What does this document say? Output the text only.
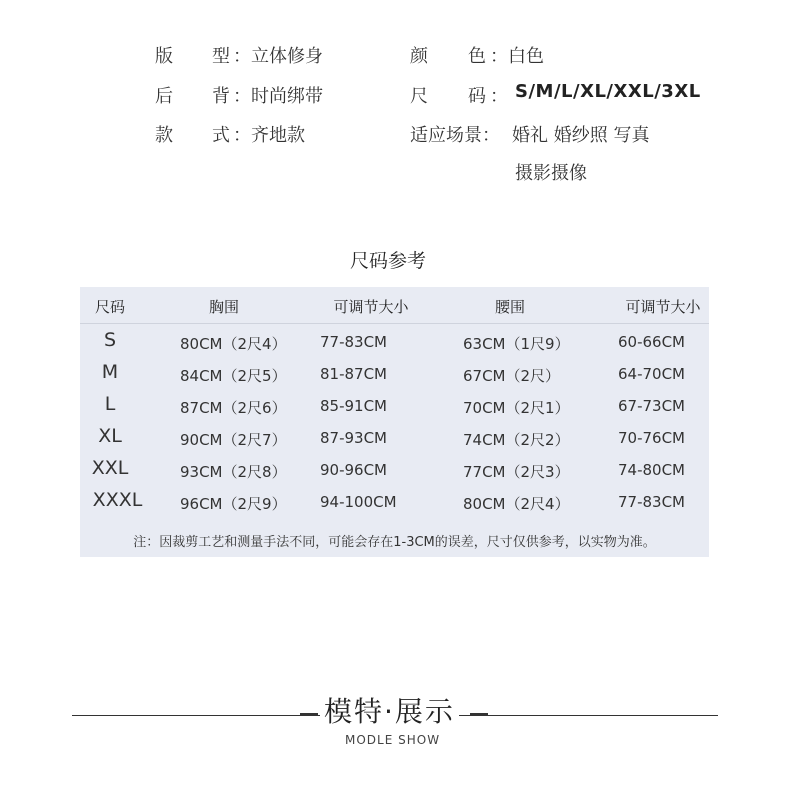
版 型 ：立体修身
后 背 ：时尚绑带
款 式 ：齐地款
颜 色 ：白色
尺 码 ： S/M/L/XL/XXL/3XL
适应场景： 婚礼 婚纱照 写真
摄影摄像
尺码参考
尺码	胸围	可调节大小	腰围	可调节大小
S	80CM（2尺4）	77-83CM	63CM（1尺9）	60-66CM
M	84CM（2尺5）	81-87CM	67CM（2尺）	64-70CM
L	87CM（2尺6）	85-91CM	70CM（2尺1）	67-73CM
XL	90CM（2尺7）	87-93CM	74CM（2尺2）	70-76CM
XXL	93CM（2尺8）	90-96CM	77CM（2尺3）	74-80CM
XXXL	96CM（2尺9）	94-100CM	80CM（2尺4）	77-83CM
注：因裁剪工艺和测量手法不同，可能会存在1-3CM的误差，尺寸仅供参考，以实物为准。
模特·展示
MODLE SHOW
